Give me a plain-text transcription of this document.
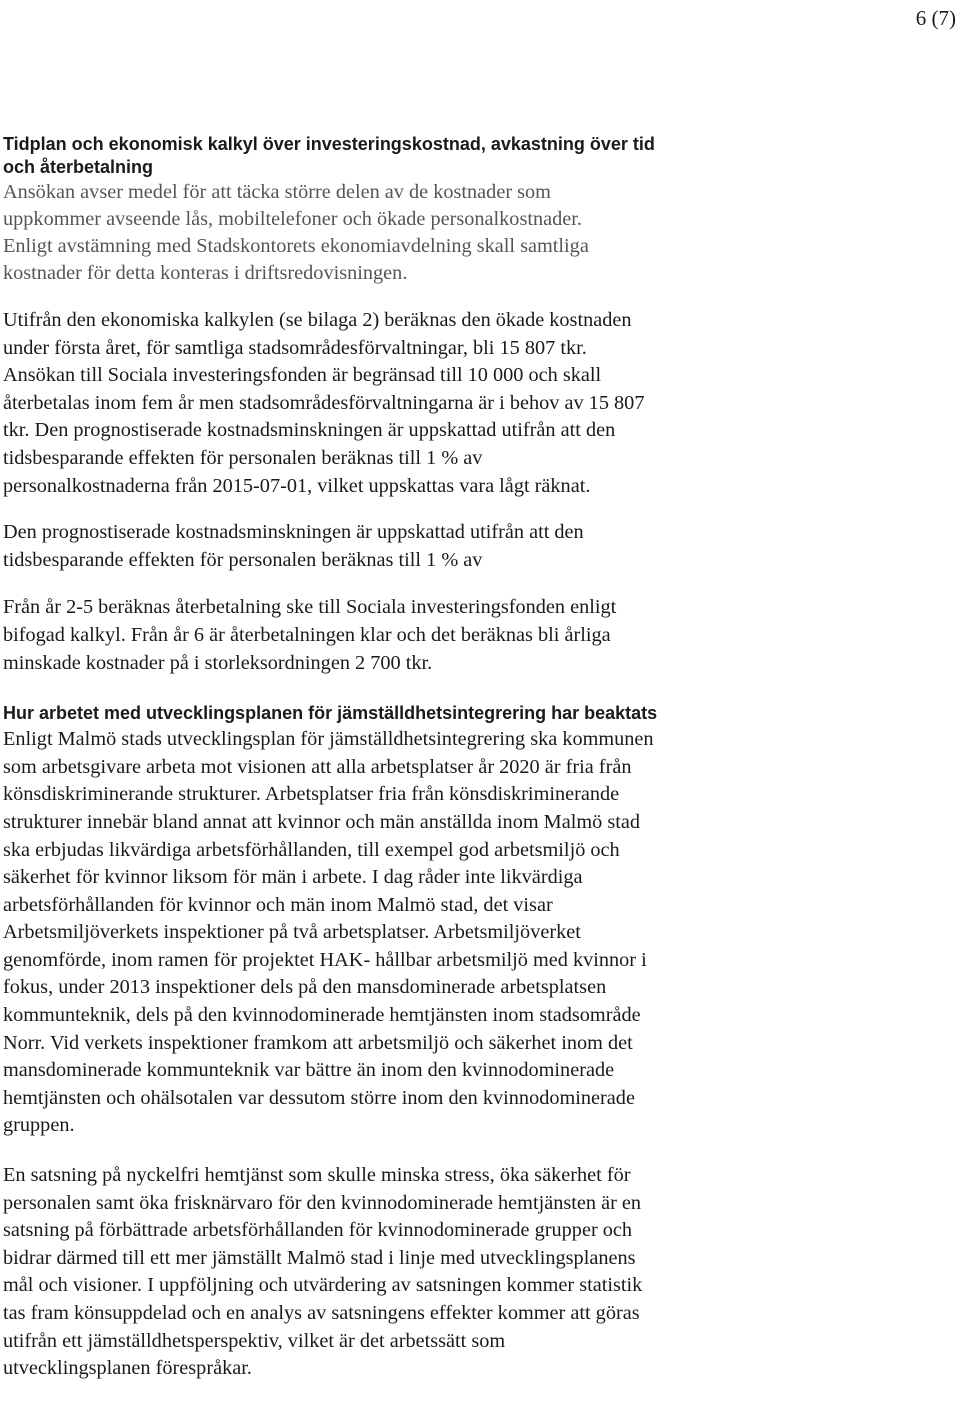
6 (7)
Tidplan och ekonomisk kalkyl över investeringskostnad, avkastning över tid
och återbetalning

Ansökan avser medel för att täcka större delen av de kostnader som
uppkommer avseende lås, mobiltelefoner och ökade personalkostnader.
Enligt avstämning med Stadskontorets ekonomiavdelning skall samtliga
kostnader för detta konteras i driftsredovisningen.

Utifrån den ekonomiska kalkylen (se bilaga 2) beräknas den ökade kostnaden
under första året, för samtliga stadsområdesförvaltningar, bli 15 807 tkr.
Ansökan till Sociala investeringsfonden är begränsad till 10 000 och skall
återbetalas inom fem år men stadsområdesförvaltningarna är i behov av 15 807
tkr. Den prognostiserade kostnadsminskningen är uppskattad utifrån att den
tidsbesparande effekten för personalen beräknas till 1 % av
personalkostnaderna från 2015-07-01, vilket uppskattas vara lågt räknat.

Den prognostiserade kostnadsminskningen är uppskattad utifrån att den
tidsbesparande effekten för personalen beräknas till 1 % av

Från år 2-5 beräknas återbetalning ske till Sociala investeringsfonden enligt
bifogad kalkyl. Från år 6 är återbetalningen klar och det beräknas bli årliga
minskade kostnader på i storleksordningen 2 700 tkr.

Hur arbetet med utvecklingsplanen för jämställdhetsintegrering har beaktats

Enligt Malmö stads utvecklingsplan för jämställdhetsintegrering ska kommunen
som arbetsgivare arbeta mot visionen att alla arbetsplatser år 2020 är fria från
könsdiskriminerande strukturer. Arbetsplatser fria från könsdiskriminerande
strukturer innebär bland annat att kvinnor och män anställda inom Malmö stad
ska erbjudas likvärdiga arbetsförhållanden, till exempel god arbetsmiljö och
säkerhet för kvinnor liksom för män i arbete. I dag råder inte likvärdiga
arbetsförhållanden för kvinnor och män inom Malmö stad, det visar
Arbetsmiljöverkets inspektioner på två arbetsplatser. Arbetsmiljöverket
genomförde, inom ramen för projektet HAK- hållbar arbetsmiljö med kvinnor i
fokus, under 2013 inspektioner dels på den mansdominerade arbetsplatsen
kommunteknik, dels på den kvinnodominerade hemtjänsten inom stadsområde
Norr. Vid verkets inspektioner framkom att arbetsmiljö och säkerhet inom det
mansdominerade kommunteknik var bättre än inom den kvinnodominerade
hemtjänsten och ohälsotalen var dessutom större inom den kvinnodominerade
gruppen.

En satsning på nyckelfri hemtjänst som skulle minska stress, öka säkerhet för
personalen samt öka frisknärvaro för den kvinnodominerade hemtjänsten är en
satsning på förbättrade arbetsförhållanden för kvinnodominerade grupper och
bidrar därmed till ett mer jämställt Malmö stad i linje med utvecklingsplanens
mål och visioner. I uppföljning och utvärdering av satsningen kommer statistik
tas fram könsuppdelad och en analys av satsningens effekter kommer att göras
utifrån ett jämställdhetsperspektiv, vilket är det arbetssätt som
utvecklingsplanen förespråkar.
